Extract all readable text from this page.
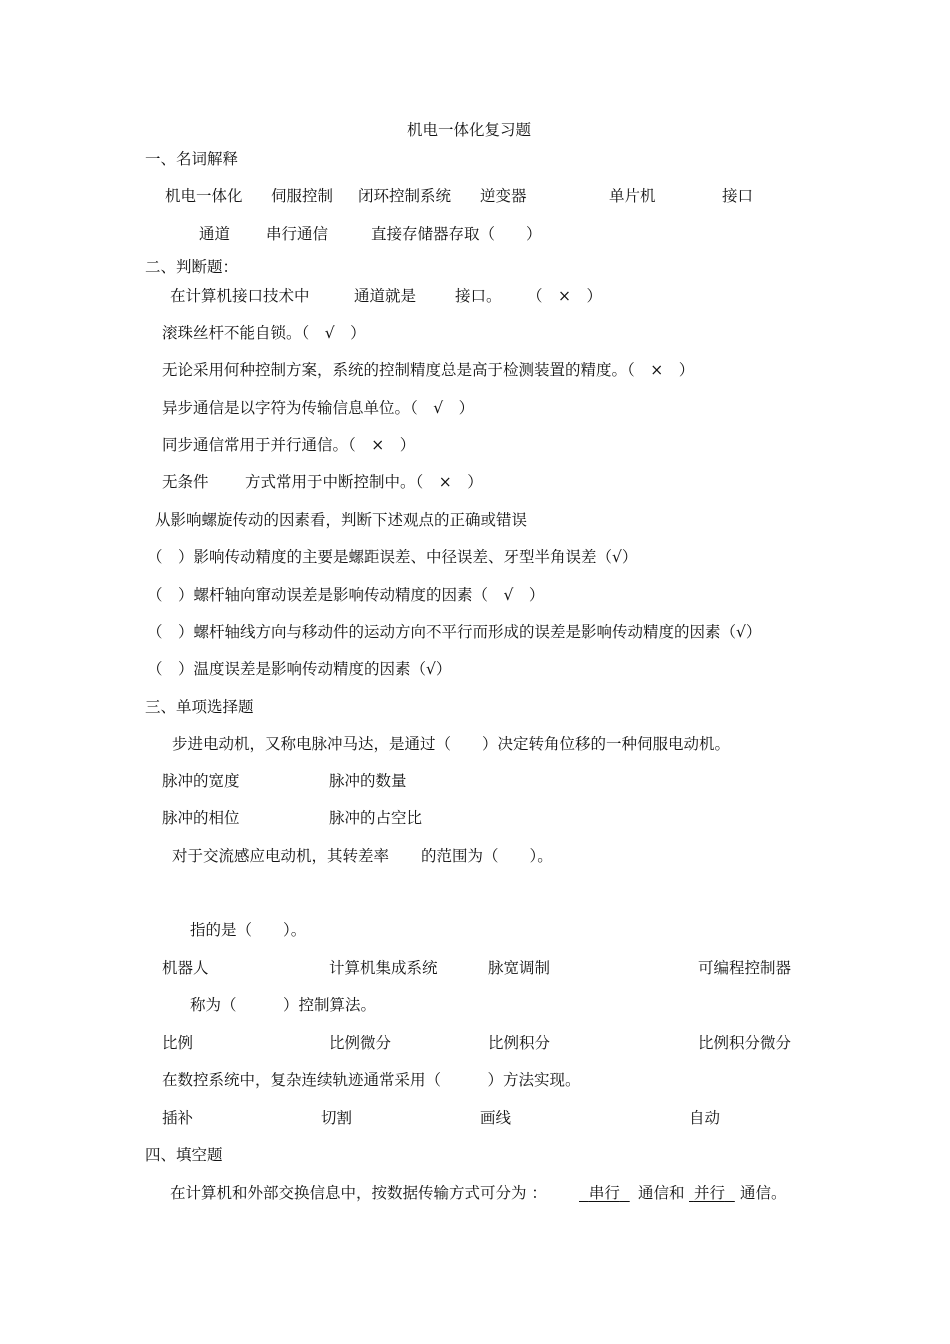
机电一体化复习题
一、名词解释
机电一体化 伺服控制 闭环控制系统 逆变器	单片机	接口
通道 串行通信	直接存储器存取（　　）
二、判断题：
在计算机接口技术中	通道就是	接口。 （　×　）
滚珠丝杆不能自锁。（　√　）
无论采用何种控制方案，系统的控制精度总是高于检测装置的精度。（　×　）
异步通信是以字符为传输信息单位。（　√　）
同步通信常用于并行通信。（　×　）
无条件 方式常用于中断控制中。（　×　）
从影响螺旋传动的因素看，判断下述观点的正确或错误
（　）影响传动精度的主要是螺距误差、中径误差、牙型半角误差（√）
（　）螺杆轴向窜动误差是影响传动精度的因素（　√　）
（　）螺杆轴线方向与移动件的运动方向不平行而形成的误差是影响传动精度的因素（√）
（　）温度误差是影响传动精度的因素（√）
三、单项选择题
步进电动机，又称电脉冲马达，是通过（　　）决定转角位移的一种伺服电动机。
脉冲的宽度	脉冲的数量
脉冲的相位	脉冲的占空比
对于交流感应电动机，其转差率 的范围为（　　）。
指的是（　　）。
机器人	计算机集成系统	脉宽调制	可编程控制器
称为（　　　）控制算法。
比例	比例微分	比例积分	比例积分微分
在数控系统中，复杂连续轨迹通常采用（　　　）方法实现。
插补	切割	画线	自动
四、填空题
在计算机和外部交换信息中，按数据传输方式可分为 ：	串行	通信和 并行 通信。
